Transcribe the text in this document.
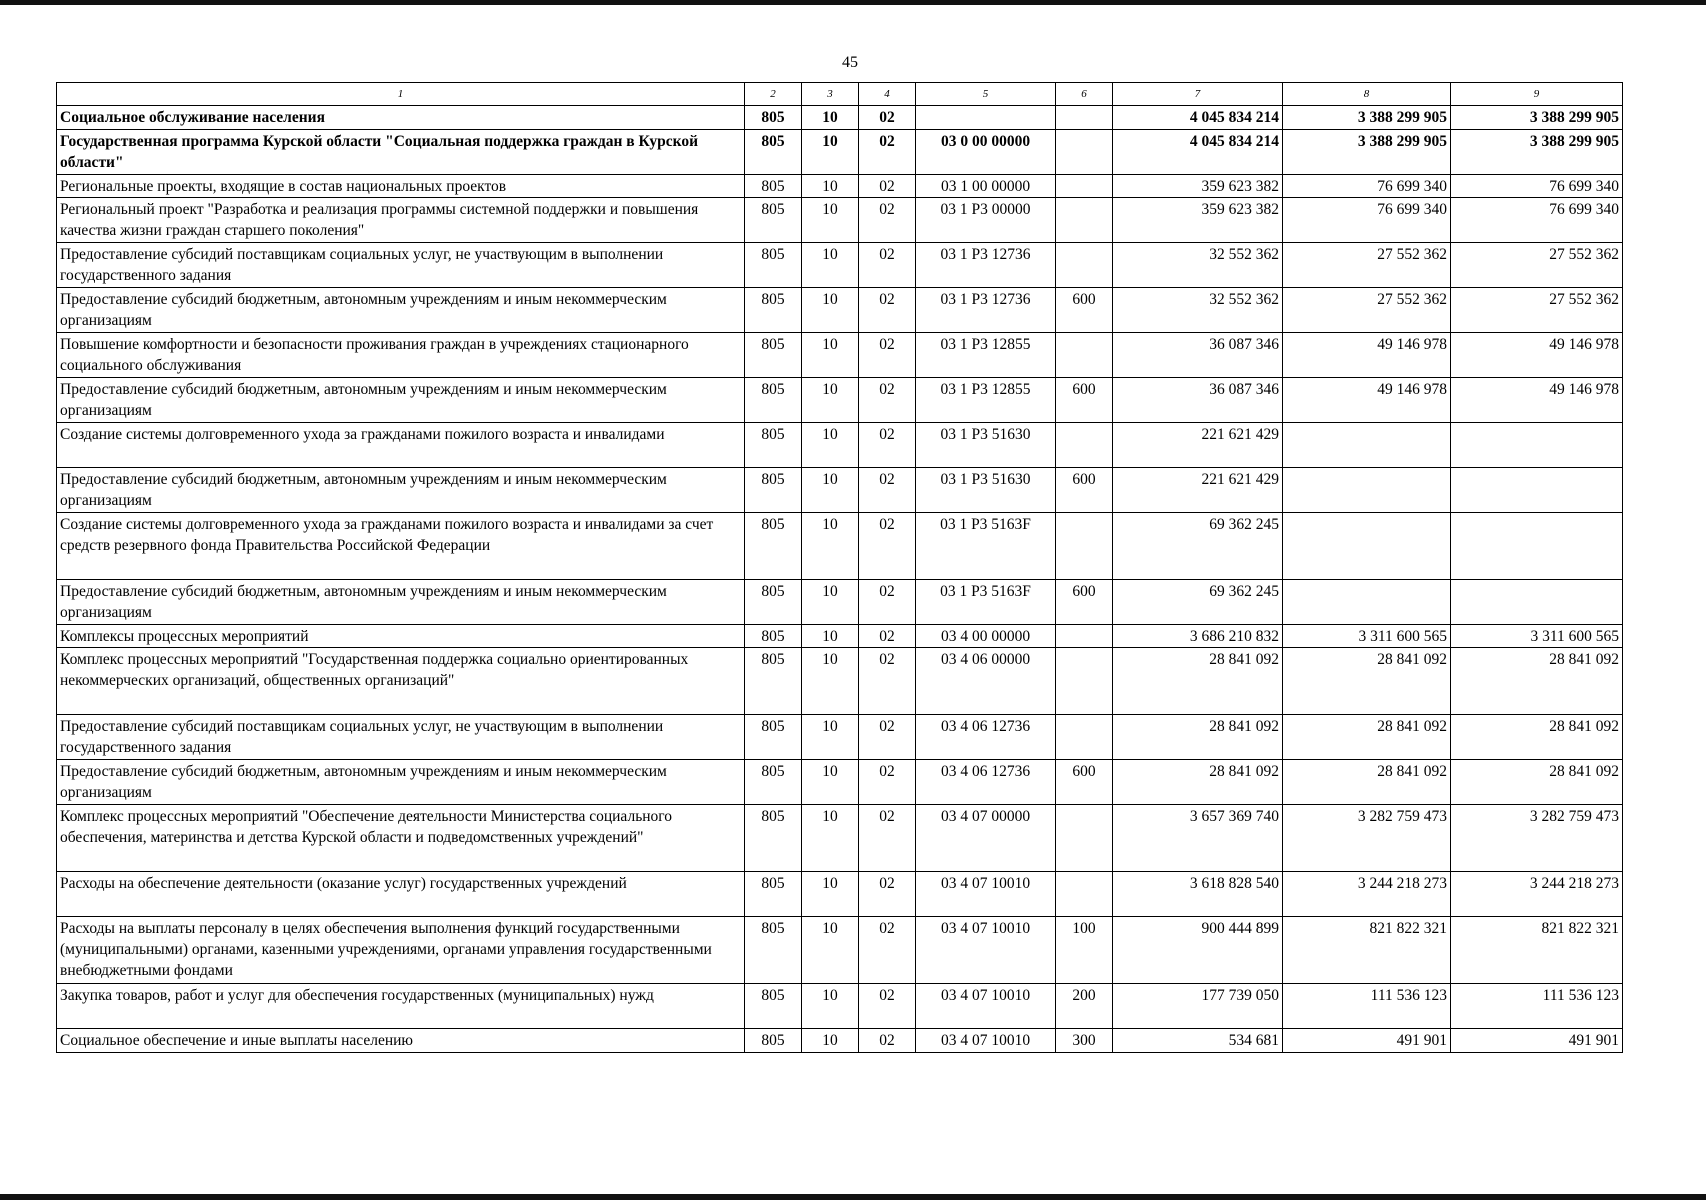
45
1	2	3	4	5	6	7	8	9
Социальное обслуживание населения	805	10	02			4 045 834 214	3 388 299 905	3 388 299 905
Государственная программа Курской области "Социальная поддержка граждан в Курской области"	805	10	02	03 0 00 00000		4 045 834 214	3 388 299 905	3 388 299 905
Региональные проекты, входящие в состав национальных проектов	805	10	02	03 1 00 00000		359 623 382	76 699 340	76 699 340
Региональный проект "Разработка и реализация программы системной поддержки и повышения качества жизни граждан старшего поколения"	805	10	02	03 1 P3 00000		359 623 382	76 699 340	76 699 340
Предоставление субсидий поставщикам социальных услуг, не участвующим в выполнении государственного задания	805	10	02	03 1 P3 12736		32 552 362	27 552 362	27 552 362
Предоставление субсидий бюджетным, автономным учреждениям и иным некоммерческим организациям	805	10	02	03 1 P3 12736	600	32 552 362	27 552 362	27 552 362
Повышение комфортности и безопасности проживания граждан в учреждениях стационарного социального обслуживания	805	10	02	03 1 P3 12855		36 087 346	49 146 978	49 146 978
Предоставление субсидий бюджетным, автономным учреждениям и иным некоммерческим организациям	805	10	02	03 1 P3 12855	600	36 087 346	49 146 978	49 146 978
Создание системы долговременного ухода за гражданами пожилого возраста и инвалидами	805	10	02	03 1 P3 51630		221 621 429		
Предоставление субсидий бюджетным, автономным учреждениям и иным некоммерческим организациям	805	10	02	03 1 P3 51630	600	221 621 429		
Создание системы долговременного ухода за гражданами пожилого возраста и инвалидами за счет средств резервного фонда Правительства Российской Федерации	805	10	02	03 1 P3 5163F		69 362 245		
Предоставление субсидий бюджетным, автономным учреждениям и иным некоммерческим организациям	805	10	02	03 1 P3 5163F	600	69 362 245		
Комплексы процессных мероприятий	805	10	02	03 4 00 00000		3 686 210 832	3 311 600 565	3 311 600 565
Комплекс процессных мероприятий "Государственная поддержка социально ориентированных некоммерческих организаций, общественных организаций"	805	10	02	03 4 06 00000		28 841 092	28 841 092	28 841 092
Предоставление субсидий поставщикам социальных услуг, не участвующим в выполнении государственного задания	805	10	02	03 4 06 12736		28 841 092	28 841 092	28 841 092
Предоставление субсидий бюджетным, автономным учреждениям и иным некоммерческим организациям	805	10	02	03 4 06 12736	600	28 841 092	28 841 092	28 841 092
Комплекс процессных мероприятий "Обеспечение деятельности Министерства социального обеспечения, материнства и детства Курской области и подведомственных учреждений"	805	10	02	03 4 07 00000		3 657 369 740	3 282 759 473	3 282 759 473
Расходы на обеспечение деятельности (оказание услуг) государственных учреждений	805	10	02	03 4 07 10010		3 618 828 540	3 244 218 273	3 244 218 273
Расходы на выплаты персоналу в целях обеспечения выполнения функций государственными (муниципальными) органами, казенными учреждениями, органами управления государственными внебюджетными фондами	805	10	02	03 4 07 10010	100	900 444 899	821 822 321	821 822 321
Закупка товаров, работ и услуг для обеспечения государственных (муниципальных) нужд	805	10	02	03 4 07 10010	200	177 739 050	111 536 123	111 536 123
Социальное обеспечение и иные выплаты населению	805	10	02	03 4 07 10010	300	534 681	491 901	491 901
